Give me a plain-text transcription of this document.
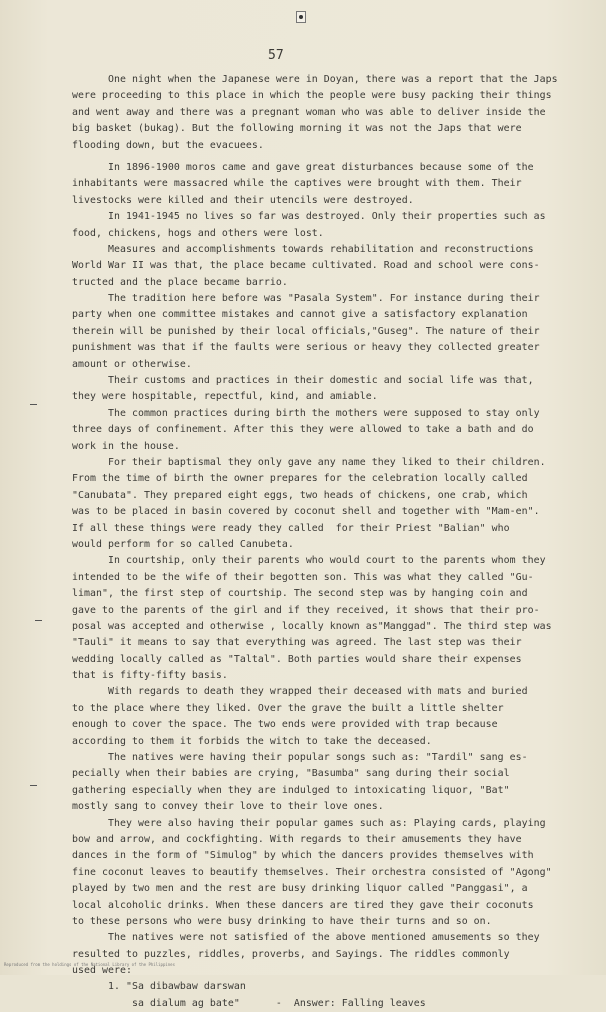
57
One night when the Japanese were in Doyan, there was a report that the Japs
were proceeding to this place in which the people were busy packing their things
and went away and there was a pregnant woman who was able to deliver inside the
big basket (bukag). But the following morning it was not the Japs that were
flooding down, but the evacuees.
In 1896-1900 moros came and gave great disturbances because some of the
inhabitants were massacred while the captives were brought with them. Their
livestocks were killed and their utencils were destroyed.
In 1941-1945 no lives so far was destroyed. Only their properties such as
food, chickens, hogs and others were lost.
Measures and accomplishments towards rehabilitation and reconstructions
World War II was that, the place became cultivated. Road and school were cons-
tructed and the place became barrio.
The tradition here before was "Pasala System". For instance during their
party when one committee mistakes and cannot give a satisfactory explanation
therein will be punished by their local officials,"Guseg". The nature of their
punishment was that if the faults were serious or heavy they collected greater
amount or otherwise.
Their customs and practices in their domestic and social life was that,
they were hospitable, repectful, kind, and amiable.
The common practices during birth the mothers were supposed to stay only
three days of confinement. After this they were allowed to take a bath and do
work in the house.
For their baptismal they only gave any name they liked to their children.
From the time of birth the owner prepares for the celebration locally called
"Canubata". They prepared eight eggs, two heads of chickens, one crab, which
was to be placed in basin covered by coconut shell and together with "Mam-en".
If all these things were ready they called  for their Priest "Balian" who
would perform for so called Canubeta.
In courtship, only their parents who would court to the parents whom they
intended to be the wife of their begotten son. This was what they called "Gu-
liman", the first step of courtship. The second step was by hanging coin and
gave to the parents of the girl and if they received, it shows that their pro-
posal was accepted and otherwise , locally known as"Manggad". The third step was
"Tauli" it means to say that everything was agreed. The last step was their
wedding locally called as "Taltal". Both parties would share their expenses
that is fifty-fifty basis.
With regards to death they wrapped their deceased with mats and buried
to the place where they liked. Over the grave the built a little shelter
enough to cover the space. The two ends were provided with trap because
according to them it forbids the witch to take the deceased.
The natives were having their popular songs such as: "Tardil" sang es-
pecially when their babies are crying, "Basumba" sang during their social
gathering especially when they are indulged to intoxicating liquor, "Bat"
mostly sang to convey their love to their love ones.
They were also having their popular games such as: Playing cards, playing
bow and arrow, and cockfighting. With regards to their amusements they have
dances in the form of "Simulog" by which the dancers provides themselves with
fine coconut leaves to beautify themselves. Their orchestra consisted of "Agong"
played by two men and the rest are busy drinking liquor called "Panggasi", a
local alcoholic drinks. When these dancers are tired they gave their coconuts
to these persons who were busy drinking to have their turns and so on.
The natives were not satisfied of the above mentioned amusements so they
resulted to puzzles, riddles, proverbs, and Sayings. The riddles commonly
used were:
1. "Sa dibawbaw darswan
sa dialum ag bate"      -  Answer: Falling leaves
Reproduced from the holdings of the National Library of the Philippines
